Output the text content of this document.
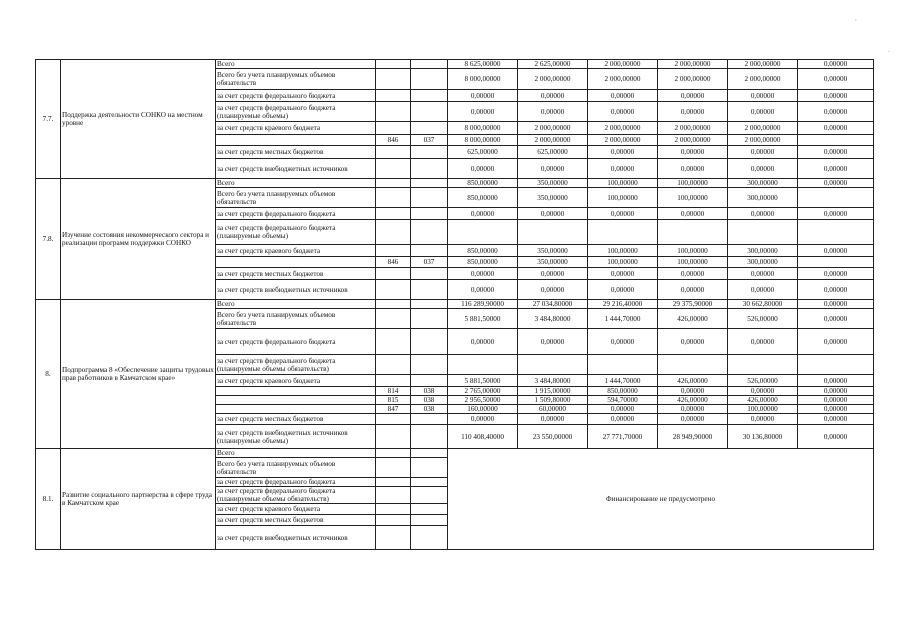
,
.
7.7.	Поддержка деятельности СОНКО на местном уровне	Всего			8 625,00000	2 625,00000	2 000,00000	2 000,00000	2 000,00000	0,00000
		Всего без учета планируемых объемов обязательств			8 000,00000	2 000,00000	2 000,00000	2 000,00000	2 000,00000	0,00000
		за счет средств федерального бюджета			0,00000	0,00000	0,00000	0,00000	0,00000	0,00000
		за счет средств федерального бюджета (планируемые объемы)			0,00000	0,00000	0,00000	0,00000	0,00000	0,00000
		за счет средств краевого бюджета			8 000,00000	2 000,00000	2 000,00000	2 000,00000	2 000,00000	0,00000
			846	037	8 000,00000	2 000,00000	2 000,00000	2 000,00000	2 000,00000	
		за счет средств местных бюджетов			625,00000	625,00000	0,00000	0,00000	0,00000	0,00000
		за счет средств внебюджетных источников			0,00000	0,00000	0,00000	0,00000	0,00000	0,00000
7.8.	Изучение состояния некоммерческого сектора и реализации программ поддержки СОНКО	Всего			850,00000	350,00000	100,00000	100,00000	300,00000	0,00000
		Всего без учета планируемых объемов обязательств			850,00000	350,00000	100,00000	100,00000	300,00000	
		за счет средств федерального бюджета			0,00000	0,00000	0,00000	0,00000	0,00000	0,00000
		за счет средств федерального бюджета (планируемые объемы)								
		за счет средств краевого бюджета			850,00000	350,00000	100,00000	100,00000	300,00000	0,00000
			846	037	850,00000	350,00000	100,00000	100,00000	300,00000	
		за счет средств местных бюджетов			0,00000	0,00000	0,00000	0,00000	0,00000	0,00000
		за счет средств внебюджетных источников			0,00000	0,00000	0,00000	0,00000	0,00000	0,00000
8.	Подпрограмма 8 «Обеспечение защиты трудовых прав работников в Камчатском крае»	Всего			116 289,90000	27 034,80000	29 216,40000	29 375,90000	30 662,80000	0,00000
		Всего без учета планируемых объемов обязательств			5 881,50000	3 484,80000	1 444,70000	426,00000	526,00000	0,00000
		за счет средств федерального бюджета			0,00000	0,00000	0,00000	0,00000	0,00000	0,00000
		за счет средств федерального бюджета (планируемые объемы обязательств)								
		за счет средств краевого бюджета			5 881,50000	3 484,80000	1 444,70000	426,00000	526,00000	0,00000
			814	038	2 765,00000	1 915,00000	850,00000	0,00000	0,00000	0,00000
			815	038	2 956,50000	1 509,80000	594,70000	426,00000	426,00000	0,00000
			847	038	160,00000	60,00000	0,00000	0,00000	100,00000	0,00000
		за счет средств местных бюджетов			0,00000	0,00000	0,00000	0,00000	0,00000	0,00000
		за счет средств внебюджетных источников (планируемые объемы)			110 408,40000	23 550,00000	27 771,70000	28 949,90000	30 136,80000	0,00000
8.1.	Развитие социального партнерства в сфере труда в Камчатском крае	Всего			Финансирование не предусмотрено					
		Всего без учета планируемых объемов обязательств								
		за счет средств федерального бюджета								
		за счет средств федерального бюджета (планируемые объемы обязательств)								
		за счет средств краевого бюджета								
		за счет средств местных бюджетов								
		за счет средств внебюджетных источников								
